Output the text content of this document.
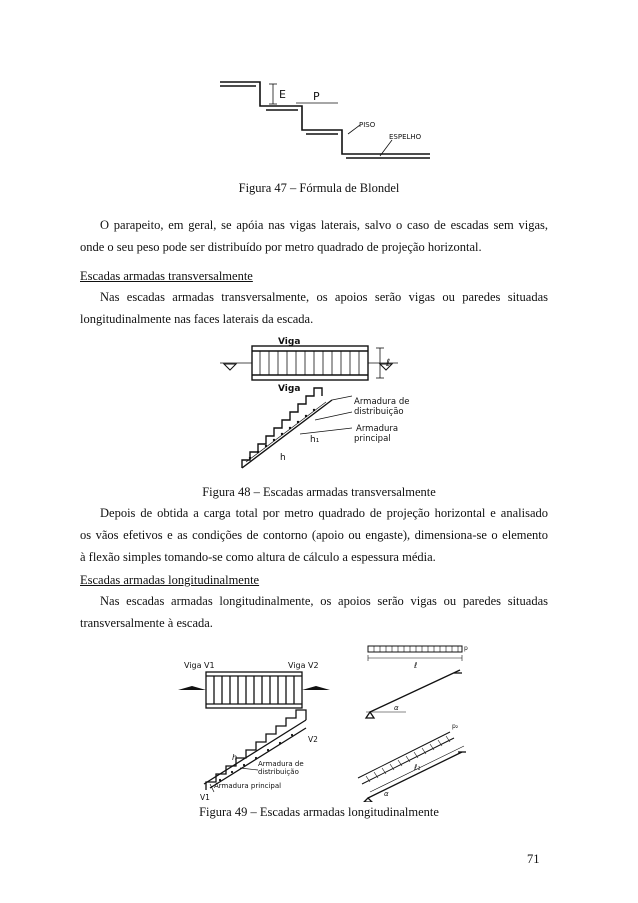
E P
PISO
ESPELHO
Figura 47 – Fórmula de Blondel

O parapeito, em geral, se apóia nas vigas laterais, salvo o caso de escadas sem vigas,
onde o seu peso pode ser distribuído por metro quadrado de projeção horizontal.

Escadas armadas transversalmente

Nas escadas armadas transversalmente, os apoios serão vigas ou paredes situadas
longitudinalmente nas faces laterais da escada.

Viga
Viga
ℓ
Armadura de
distribuição
Armadura
principal
h₁
h
Figura 48 – Escadas armadas transversalmente

Depois de obtida a carga total por metro quadrado de projeção horizontal e analisado
os vãos efetivos e as condições de contorno (apoio ou engaste), dimensiona-se o elemento
à flexão simples tomando-se como altura de cálculo a espessura média.

Escadas armadas longitudinalmente

Nas escadas armadas longitudinalmente, os apoios serão vigas ou paredes situadas
transversalmente à escada.

Viga V1	Viga V2
V2
V1
h
Armadura de
distribuição
Armadura principal
p
ℓ
α
p₂
ℓ₁
α
Figura 49 – Escadas armadas longitudinalmente
71
